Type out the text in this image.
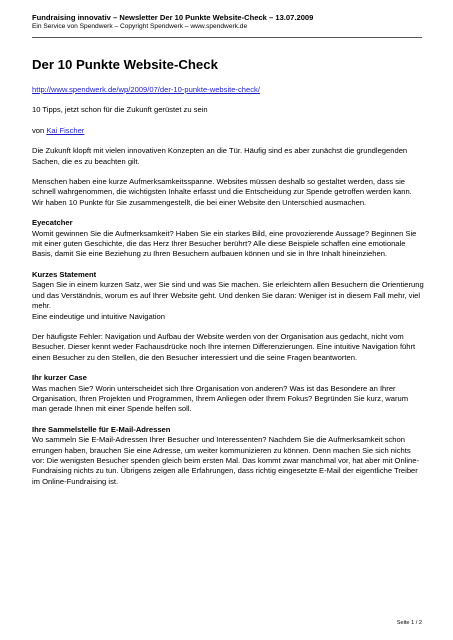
Fundraising innovativ – Newsletter Der 10 Punkte Website-Check – 13.07.2009
Ein Service von Spendwerk – Copyright Spendwerk – www.spendwerk.de
Der 10 Punkte Website-Check

http://www.spendwerk.de/wp/2009/07/der-10-punkte-website-check/

10 Tipps, jetzt schon für die Zukunft gerüstet zu sein

von Kai Fischer

Die Zukunft klopft mit vielen innovativen Konzepten an die Tür. Häufig sind es aber zunächst die grundlegenden Sachen, die es zu beachten gilt.

Menschen haben eine kurze Aufmerksamkeitsspanne. Websites müssen deshalb so gestaltet werden, dass sie schnell wahrgenommen, die wichtigsten Inhalte erfasst und die Entscheidung zur Spende getroffen werden kann. Wir haben 10 Punkte für Sie zusammengestellt, die bei einer Website den Unterschied ausmachen.

Eyecatcher

Womit gewinnen Sie die Aufmerksamkeit? Haben Sie ein starkes Bild, eine provozierende Aussage? Beginnen Sie mit einer guten Geschichte, die das Herz Ihrer Besucher berührt? Alle diese Beispiele schaffen eine emotionale Basis, damit Sie eine Beziehung zu Ihren Besuchern aufbauen können und sie in Ihre Inhalt hineinziehen.

Kurzes Statement

Sagen Sie in einem kurzen Satz, wer Sie sind und was Sie machen. Sie erleichtern allen Besuchern die Orientierung und das Verständnis, worum es auf Ihrer Website geht. Und denken Sie daran: Weniger ist in diesem Fall mehr, viel mehr.

Eine eindeutige und intuitive Navigation

Der häufigste Fehler: Navigation und Aufbau der Website werden von der Organisation aus gedacht, nicht vom Besucher. Dieser kennt weder Fachausdrücke noch Ihre internen Differenzierungen. Eine intuitive Navigation führt einen Besucher zu den Stellen, die den Besucher interessiert und die seine Fragen beantworten.

Ihr kurzer Case

Was machen Sie? Worin unterscheidet sich Ihre Organisation von anderen? Was ist das Besondere an Ihrer Organisation, Ihren Projekten und Programmen, Ihrem Anliegen oder Ihrem Fokus? Begründen Sie kurz, warum man gerade Ihnen mit einer Spende helfen soll.

Ihre Sammelstelle für E-Mail-Adressen

Wo sammeln Sie E-Mail-Adressen Ihrer Besucher und Interessenten? Nachdem Sie die Aufmerksamkeit schon errungen haben, brauchen Sie eine Adresse, um weiter kommunizieren zu können. Denn machen Sie sich nichts vor: Die wenigsten Besucher spenden gleich beim ersten Mal. Das kommt zwar manchmal vor, hat aber mit Online-Fundraising nichts zu tun. Übrigens zeigen alle Erfahrungen, dass richtig eingesetzte E-Mail der eigentliche Treiber im Online-Fundraising ist.

Seite 1 / 2
